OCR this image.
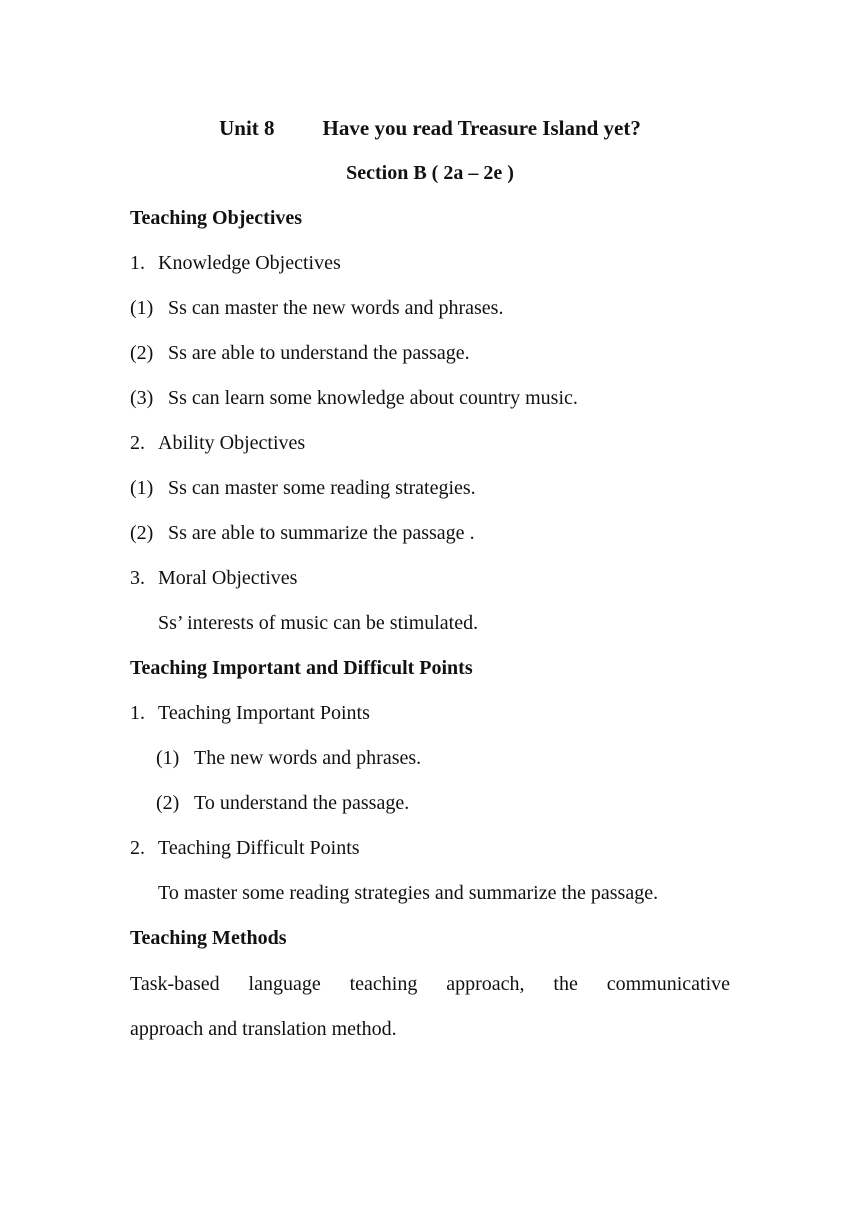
Unit 8 Have you read Treasure Island yet?
Section B ( 2a – 2e )
Teaching Objectives
1. Knowledge Objectives
(1) Ss can master the new words and phrases.
(2) Ss are able to understand the passage.
(3) Ss can learn some knowledge about country music.
2. Ability Objectives
(1) Ss can master some reading strategies.
(2) Ss are able to summarize the passage .
3. Moral Objectives
Ss’ interests of music can be stimulated.
Teaching Important and Difficult Points
1. Teaching Important Points
(1) The new words and phrases.
(2) To understand the passage.
2. Teaching Difficult Points
To master some reading strategies and summarize the passage.
Teaching Methods
Task-based language teaching approach, the communicative
approach and translation method.
